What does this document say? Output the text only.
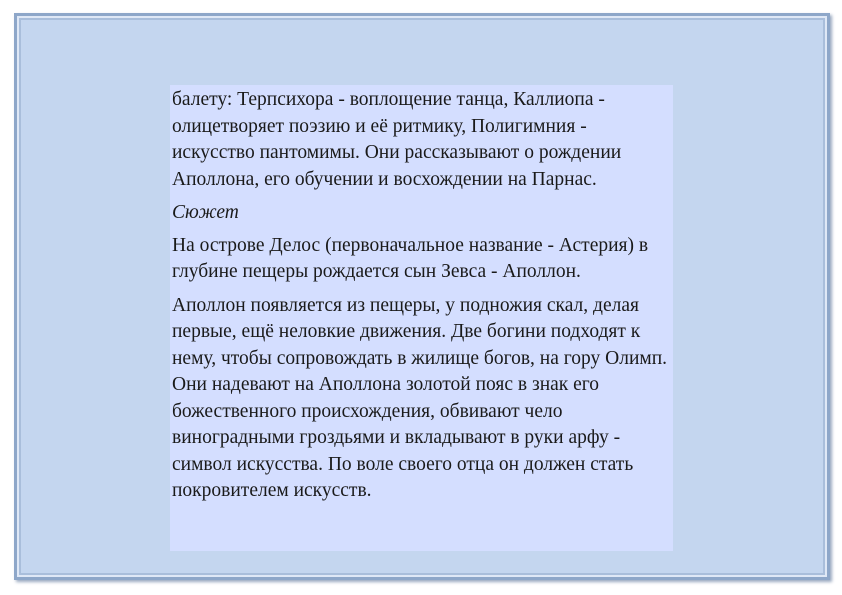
балету: Терпсихора - воплощение танца, Каллиопа - олицетворяет поэзию и её ритмику, Полигимния - искусство пантомимы. Они рассказывают о рождении Аполлона, его обучении и восхождении на Парнас.

Сюжет

На острове Делос (первоначальное название - Астерия) в глубине пещеры рождается сын Зевса - Аполлон.

Аполлон появляется из пещеры, у подножия скал, делая первые, ещё неловкие движения. Две богини подходят к нему, чтобы сопровождать в жилище богов, на гору Олимп. Они надевают на Аполлона золотой пояс в знак его божественного происхождения, обвивают чело виноградными гроздьями и вкладывают в руки арфу - символ искусства. По воле своего отца он должен стать покровителем искусств.
